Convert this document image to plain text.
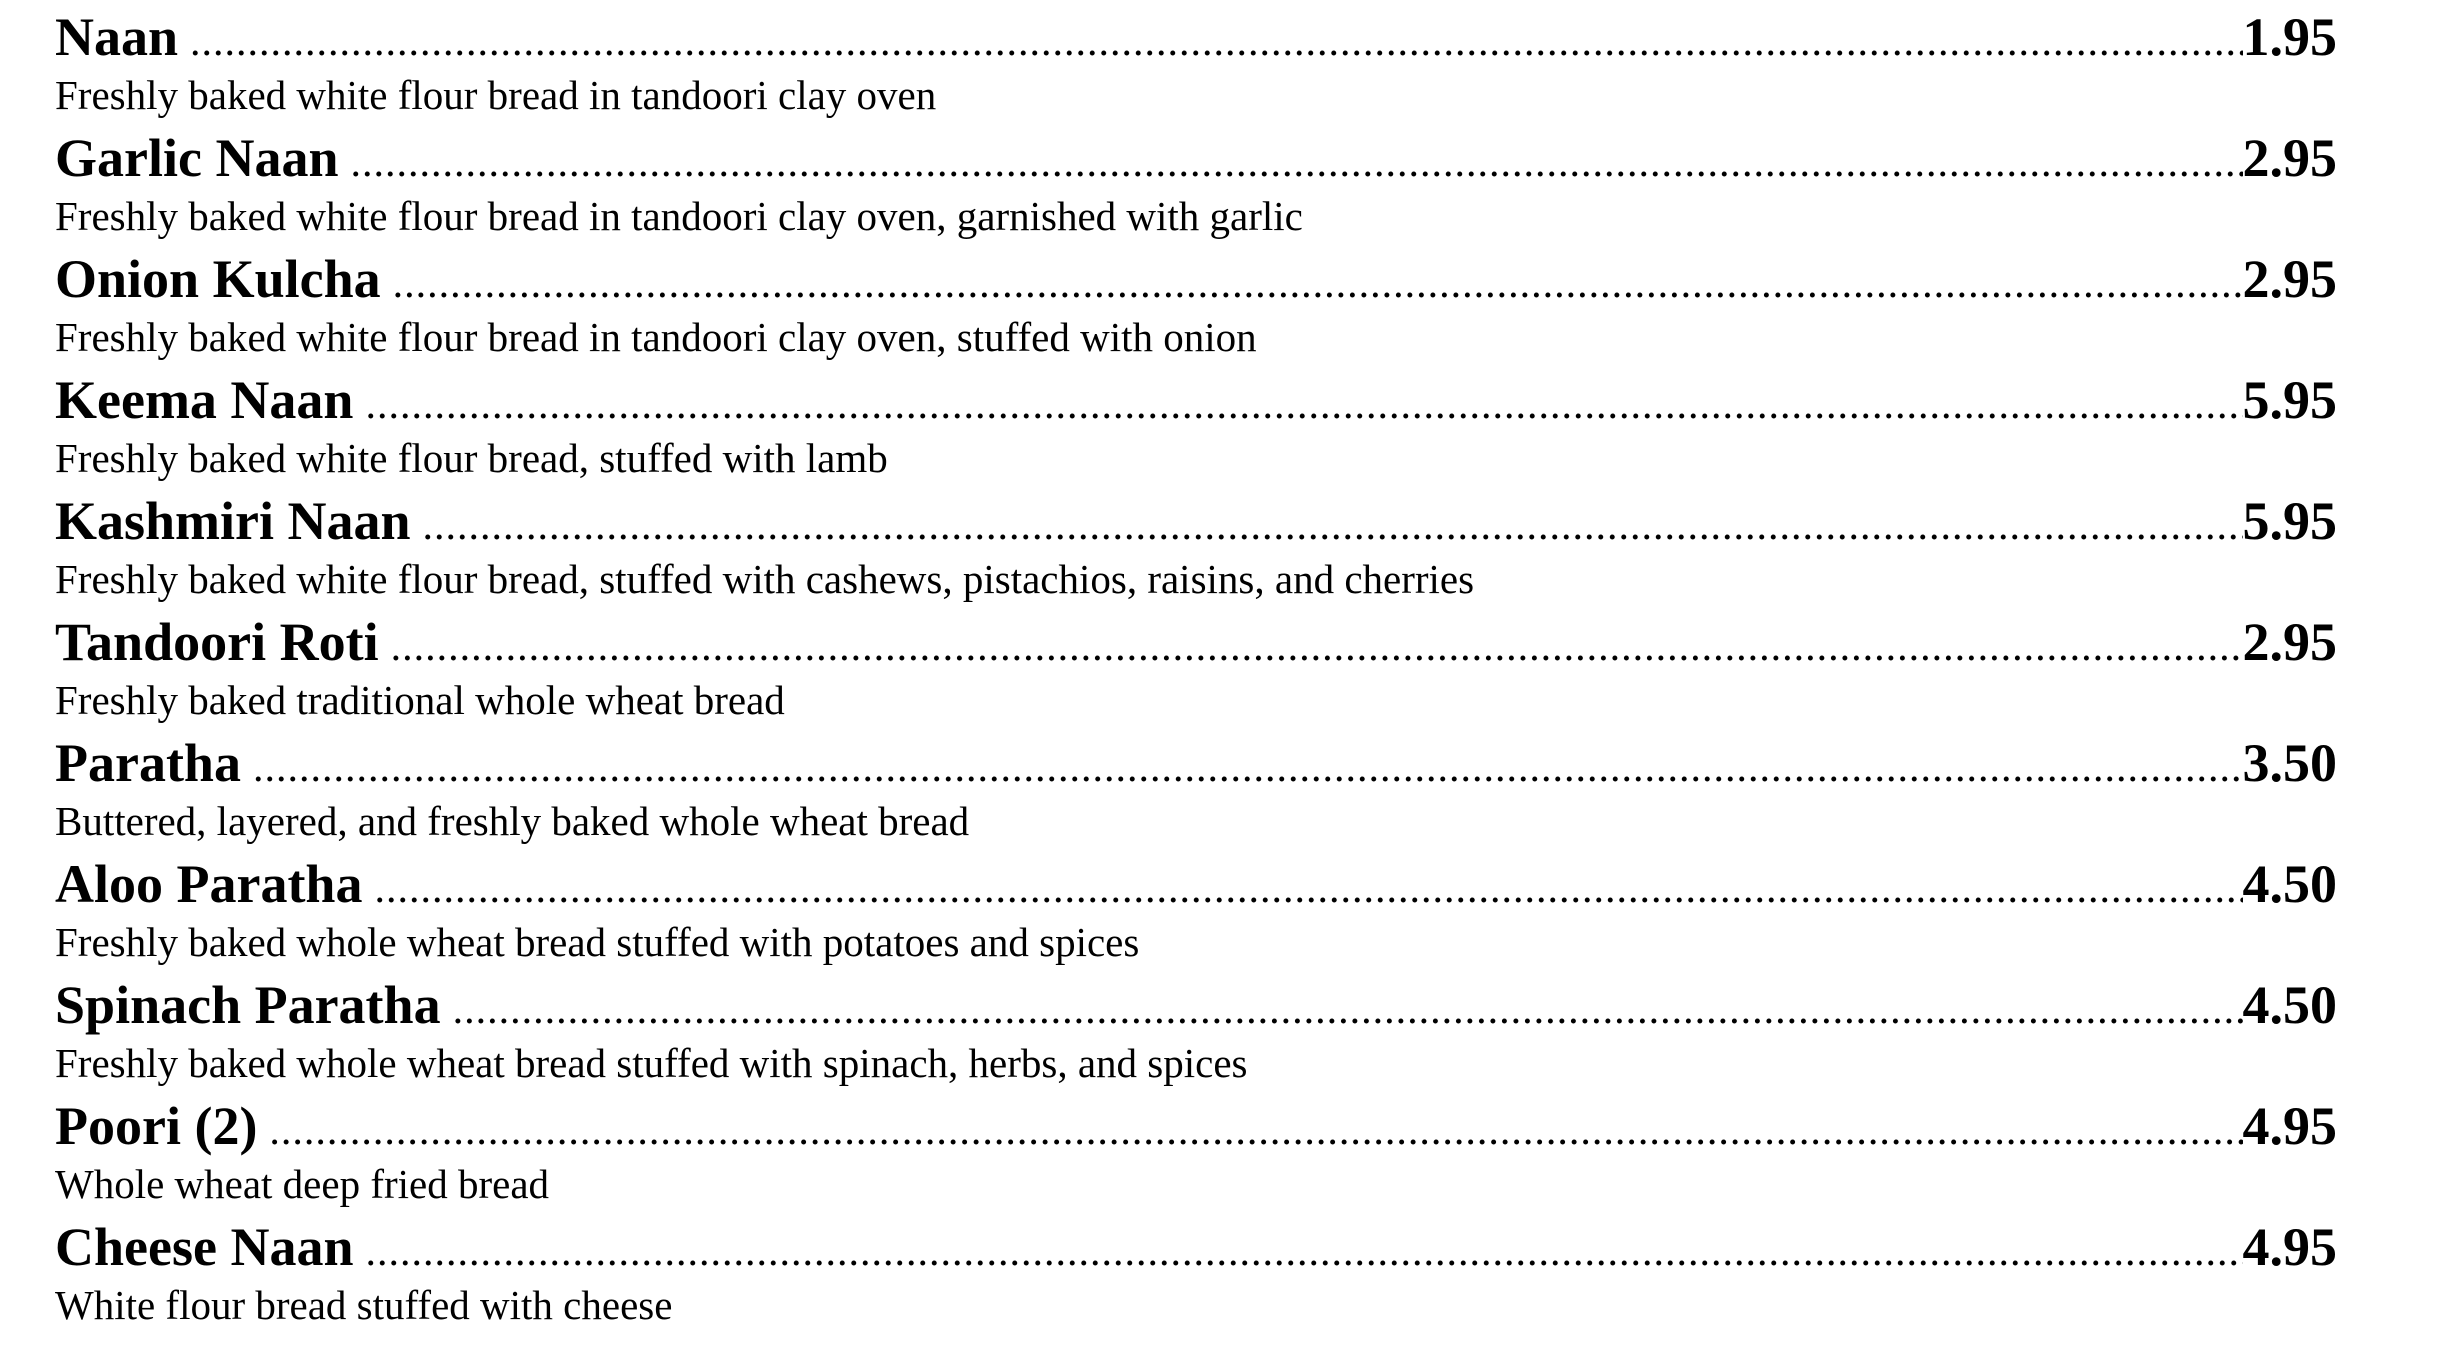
Naan .....	1.95
Freshly baked white flour bread in tandoori clay oven
Garlic Naan .....	2.95
Freshly baked white flour bread in tandoori clay oven, garnished with garlic
Onion Kulcha .....	2.95
Freshly baked white flour bread in tandoori clay oven, stuffed with onion
Keema Naan .....	5.95
Freshly baked white flour bread, stuffed with lamb
Kashmiri Naan .....	5.95
Freshly baked white flour bread, stuffed with cashews, pistachios, raisins, and cherries
Tandoori Roti .....	2.95
Freshly baked traditional whole wheat bread
Paratha .....	3.50
Buttered, layered, and freshly baked whole wheat bread
Aloo Paratha .....	4.50
Freshly baked whole wheat bread stuffed with potatoes and spices
Spinach Paratha .....	4.50
Freshly baked whole wheat bread stuffed with spinach, herbs, and spices
Poori (2) .....	4.95
Whole wheat deep fried bread
Cheese Naan .....	4.95
White flour bread stuffed with cheese
